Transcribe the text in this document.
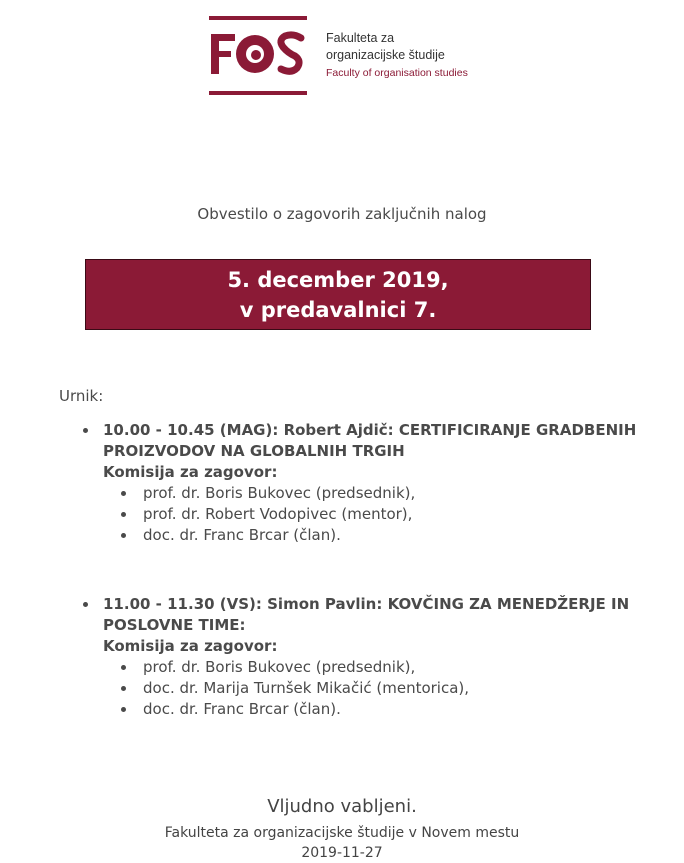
Fakulteta za
organizacijske študije
Faculty of organisation studies
Obvestilo o zagovorih zaključnih nalog
5. december 2019,
v predavalnici 7.
Urnik:
10.00 - 10.45 (MAG): Robert Ajdič: CERTIFICIRANJE GRADBENIH
PROIZVODOV NA GLOBALNIH TRGIH
Komisija za zagovor:
prof. dr. Boris Bukovec (predsednik),
prof. dr. Robert Vodopivec (mentor),
doc. dr. Franc Brcar (član).
11.00 - 11.30 (VS): Simon Pavlin: KOVČING ZA MENEDŽERJE IN
POSLOVNE TIME:
Komisija za zagovor:
prof. dr. Boris Bukovec (predsednik),
doc. dr. Marija Turnšek Mikačić (mentorica),
doc. dr. Franc Brcar (član).
Vljudno vabljeni.
Fakulteta za organizacijske študije v Novem mestu
2019-11-27
